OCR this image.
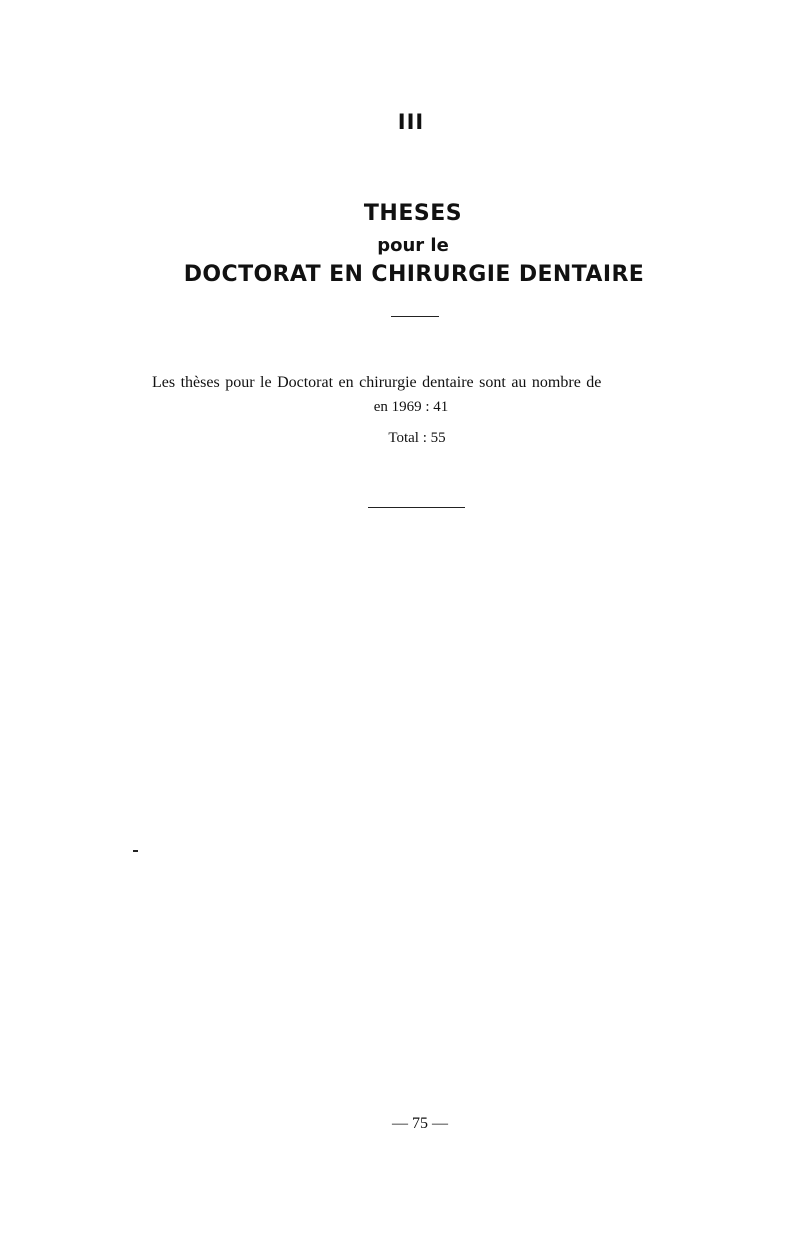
III
THESES
pour le
DOCTORAT EN CHIRURGIE DENTAIRE
Les thèses pour le Doctorat en chirurgie dentaire sont au nombre de
en 1969 : 41
Total : 55
— 75 —
